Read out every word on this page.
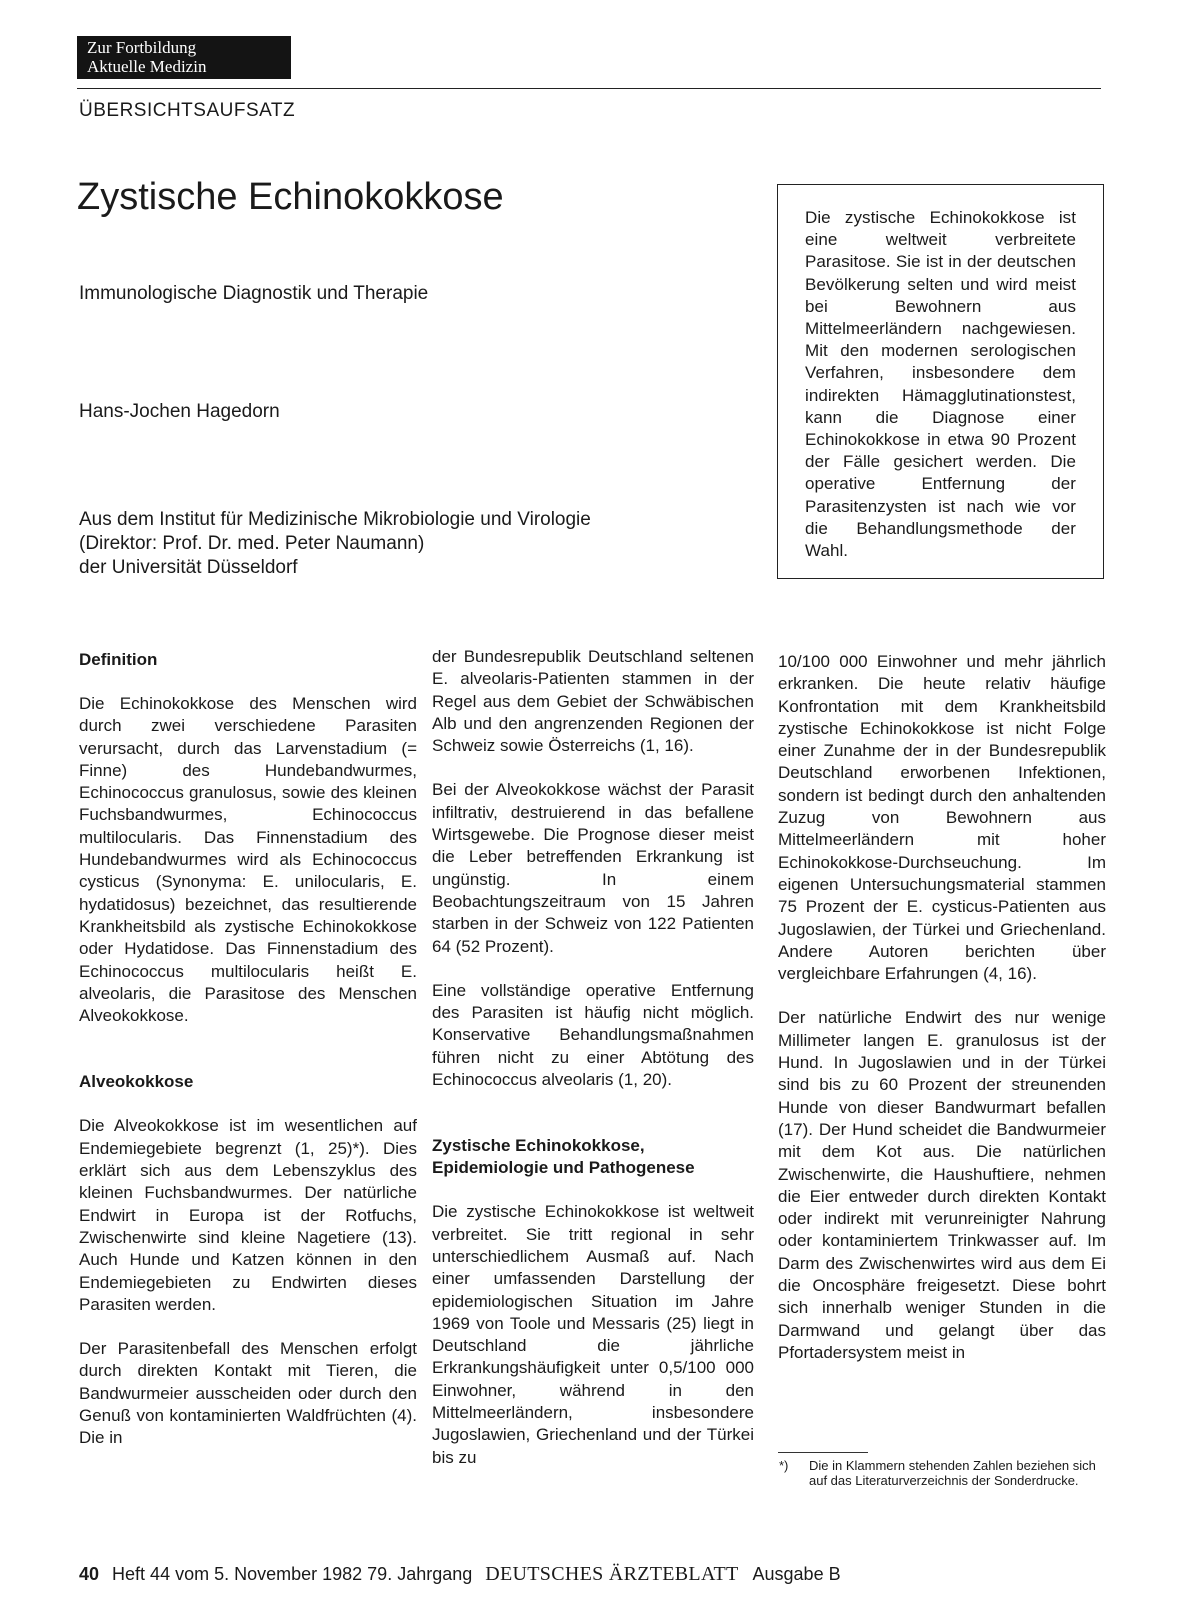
Zur Fortbildung
Aktuelle Medizin
ÜBERSICHTSAUFSATZ
Zystische Echinokokkose
Immunologische Diagnostik und Therapie
Hans-Jochen Hagedorn
Aus dem Institut für Medizinische Mikrobiologie und Virologie
(Direktor: Prof. Dr. med. Peter Naumann)
der Universität Düsseldorf
Die zystische Echinokokkose ist eine weltweit verbreitete Parasitose. Sie ist in der deutschen Bevölkerung selten und wird meist bei Bewohnern aus Mittelmeerländern nachgewiesen. Mit den modernen serologischen Verfahren, insbesondere dem indirekten Hämagglutinationstest, kann die Diagnose einer Echinokokkose in etwa 90 Prozent der Fälle gesichert werden. Die operative Entfernung der Parasitenzysten ist nach wie vor die Behandlungsmethode der Wahl.
Definition

Die Echinokokkose des Menschen wird durch zwei verschiedene Parasiten verursacht, durch das Larvenstadium (= Finne) des Hundebandwurmes, Echinococcus granulosus, sowie des kleinen Fuchsbandwurmes, Echinococcus multilocularis. Das Finnenstadium des Hundebandwurmes wird als Echinococcus cysticus (Synonyma: E. unilocularis, E. hydatidosus) bezeichnet, das resultierende Krankheitsbild als zystische Echinokokkose oder Hydatidose. Das Finnenstadium des Echinococcus multilocularis heißt E. alveolaris, die Parasitose des Menschen Alveokokkose.

Alveokokkose

Die Alveokokkose ist im wesentlichen auf Endemiegebiete begrenzt (1, 25)*). Dies erklärt sich aus dem Lebenszyklus des kleinen Fuchsbandwurmes. Der natürliche Endwirt in Europa ist der Rotfuchs, Zwischenwirte sind kleine Nagetiere (13). Auch Hunde und Katzen können in den Endemiegebieten zu Endwirten dieses Parasiten werden.

Der Parasitenbefall des Menschen erfolgt durch direkten Kontakt mit Tieren, die Bandwurmeier ausscheiden oder durch den Genuß von kontaminierten Waldfrüchten (4). Die in

der Bundesrepublik Deutschland seltenen E. alveolaris-Patienten stammen in der Regel aus dem Gebiet der Schwäbischen Alb und den angrenzenden Regionen der Schweiz sowie Österreichs (1, 16).

Bei der Alveokokkose wächst der Parasit infiltrativ, destruierend in das befallene Wirtsgewebe. Die Prognose dieser meist die Leber betreffenden Erkrankung ist ungünstig. In einem Beobachtungszeitraum von 15 Jahren starben in der Schweiz von 122 Patienten 64 (52 Prozent).

Eine vollständige operative Entfernung des Parasiten ist häufig nicht möglich. Konservative Behandlungsmaßnahmen führen nicht zu einer Abtötung des Echinococcus alveolaris (1, 20).

Zystische Echinokokkose,
Epidemiologie und Pathogenese

Die zystische Echinokokkose ist weltweit verbreitet. Sie tritt regional in sehr unterschiedlichem Ausmaß auf. Nach einer umfassenden Darstellung der epidemiologischen Situation im Jahre 1969 von Toole und Messaris (25) liegt in Deutschland die jährliche Erkrankungshäufigkeit unter 0,5/100 000 Einwohner, während in den Mittelmeerländern, insbesondere Jugoslawien, Griechenland und der Türkei bis zu

10/100 000 Einwohner und mehr jährlich erkranken. Die heute relativ häufige Konfrontation mit dem Krankheitsbild zystische Echinokokkose ist nicht Folge einer Zunahme der in der Bundesrepublik Deutschland erworbenen Infektionen, sondern ist bedingt durch den anhaltenden Zuzug von Bewohnern aus Mittelmeerländern mit hoher Echinokokkose-Durchseuchung. Im eigenen Untersuchungsmaterial stammen 75 Prozent der E. cysticus-Patienten aus Jugoslawien, der Türkei und Griechenland. Andere Autoren berichten über vergleichbare Erfahrungen (4, 16).

Der natürliche Endwirt des nur wenige Millimeter langen E. granulosus ist der Hund. In Jugoslawien und in der Türkei sind bis zu 60 Prozent der streunenden Hunde von dieser Bandwurmart befallen (17). Der Hund scheidet die Bandwurmeier mit dem Kot aus. Die natürlichen Zwischenwirte, die Haushuftiere, nehmen die Eier entweder durch direkten Kontakt oder indirekt mit verunreinigter Nahrung oder kontaminiertem Trinkwasser auf. Im Darm des Zwischenwirtes wird aus dem Ei die Oncosphäre freigesetzt. Diese bohrt sich innerhalb weniger Stunden in die Darmwand und gelangt über das Pfortadersystem meist in

*)	Die in Klammern stehenden Zahlen beziehen sich auf das Literaturverzeichnis der Sonderdrucke.
40 Heft 44 vom 5. November 1982 79. Jahrgang DEUTSCHES ÄRZTEBLATT Ausgabe B
